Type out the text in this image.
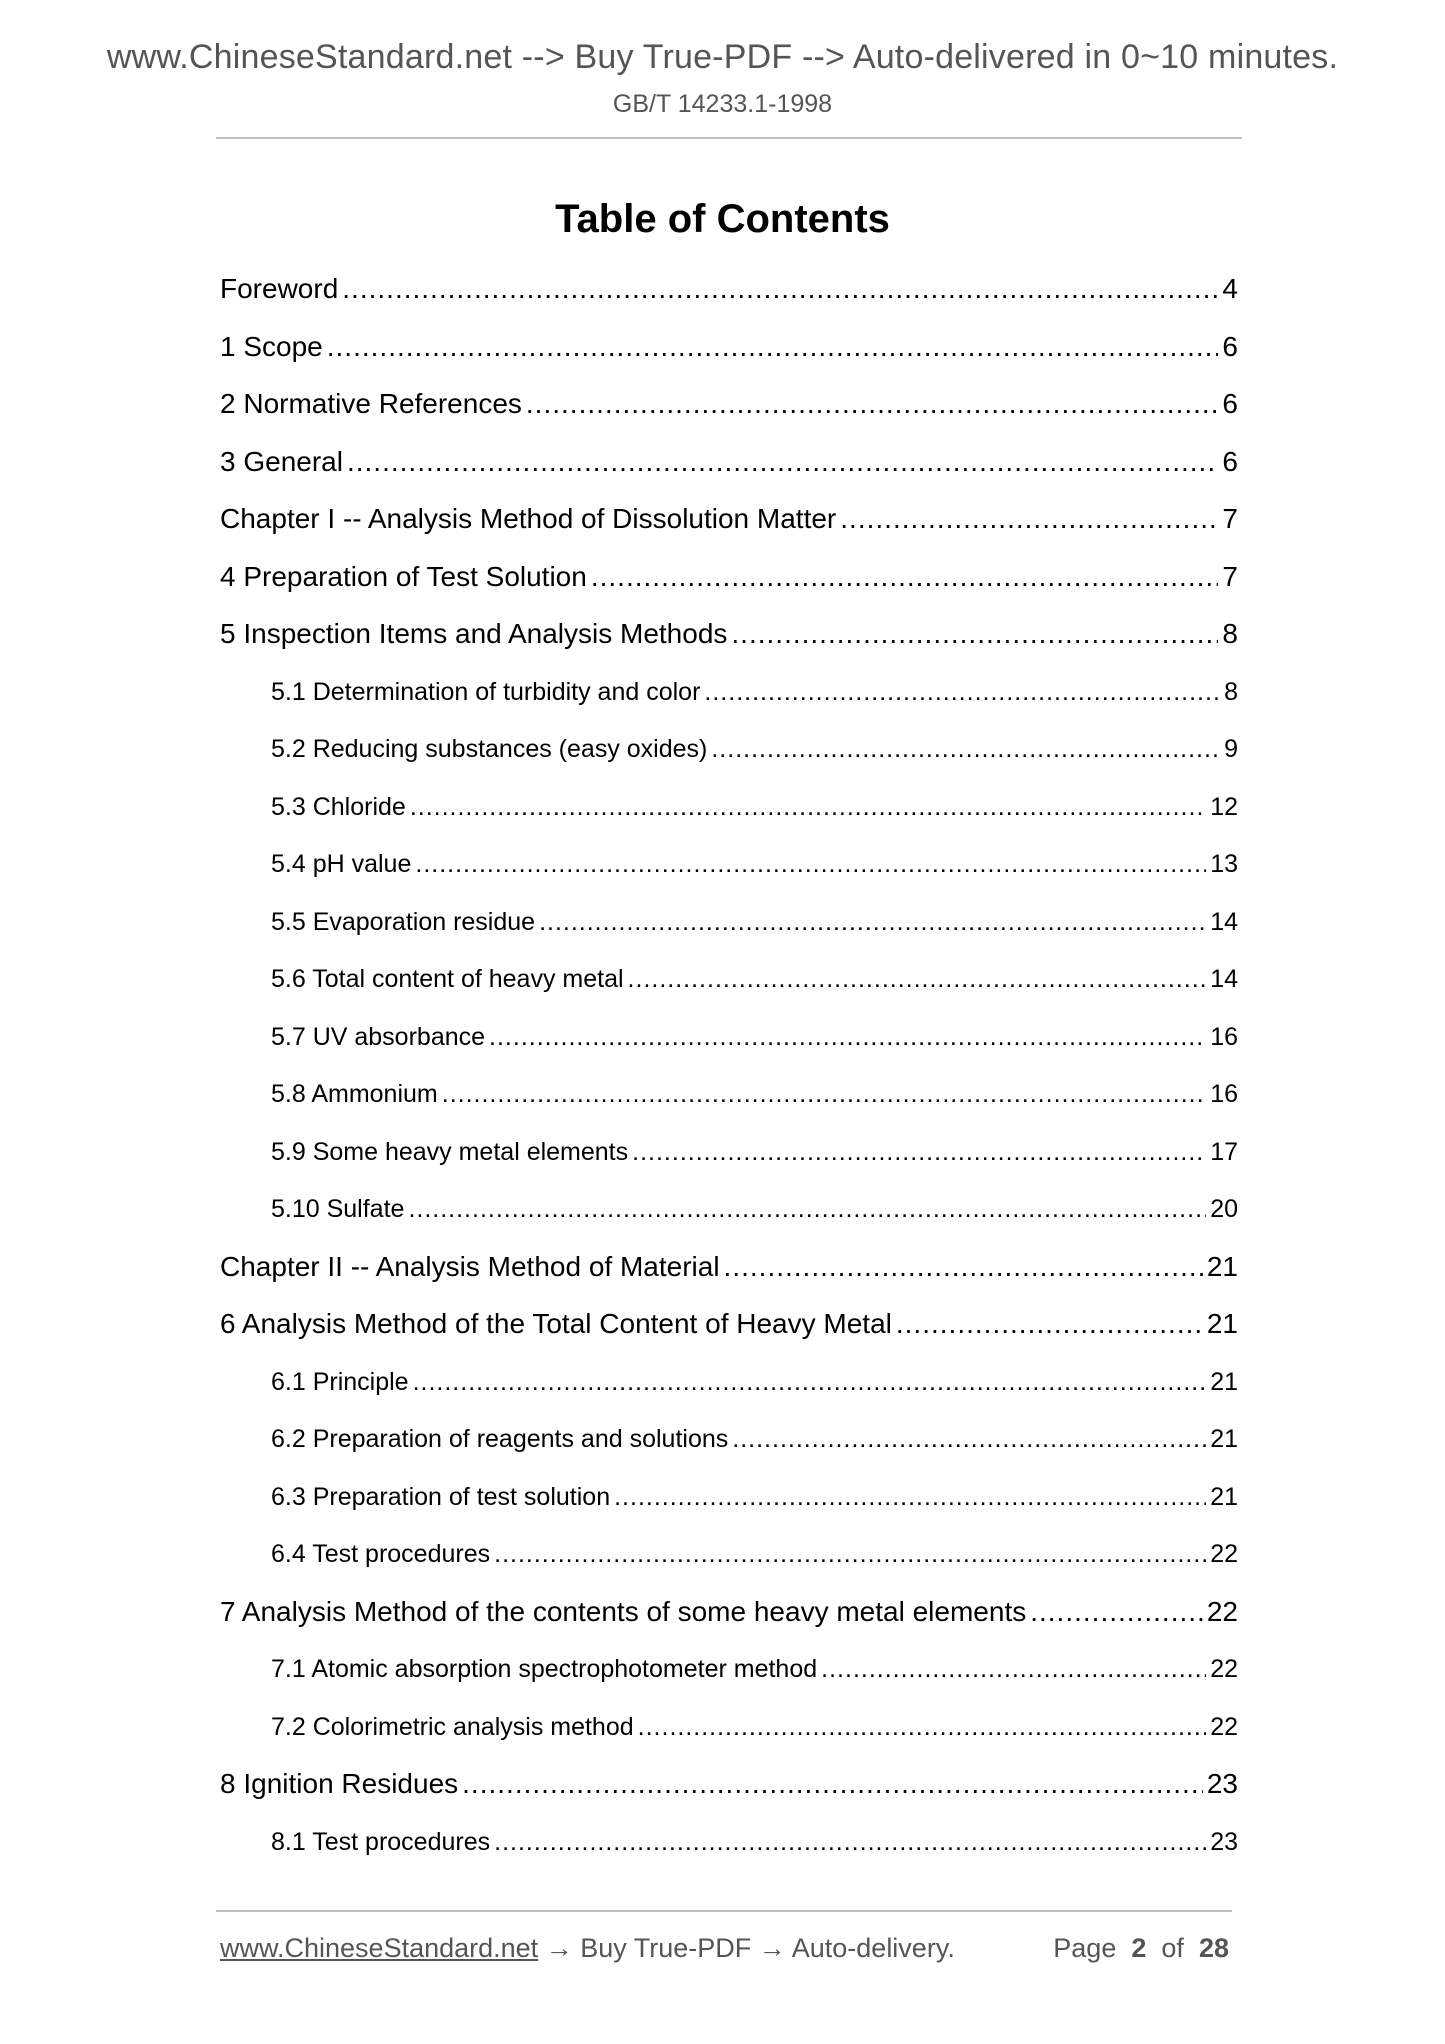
www.ChineseStandard.net --> Buy True-PDF --> Auto-delivered in 0~10 minutes.
GB/T 14233.1-1998
Table of Contents
Foreword .....	4
1 Scope .....	6
2 Normative References .....	6
3 General .....	6
Chapter I -- Analysis Method of Dissolution Matter .....	7
4 Preparation of Test Solution .....	7
5 Inspection Items and Analysis Methods .....	8
5.1 Determination of turbidity and color .....	8
5.2 Reducing substances (easy oxides) .....	9
5.3 Chloride .....	12
5.4 pH value .....	13
5.5 Evaporation residue .....	14
5.6 Total content of heavy metal .....	14
5.7 UV absorbance .....	16
5.8 Ammonium .....	16
5.9 Some heavy metal elements .....	17
5.10 Sulfate .....	20
Chapter II -- Analysis Method of Material .....	21
6 Analysis Method of the Total Content of Heavy Metal .....	21
6.1 Principle .....	21
6.2 Preparation of reagents and solutions .....	21
6.3 Preparation of test solution .....	21
6.4 Test procedures .....	22
7 Analysis Method of the contents of some heavy metal elements .....	22
7.1 Atomic absorption spectrophotometer method .....	22
7.2 Colorimetric analysis method .....	22
8 Ignition Residues .....	23
8.1 Test procedures .....	23
www.ChineseStandard.net → Buy True-PDF → Auto-delivery.	Page 2 of 28
